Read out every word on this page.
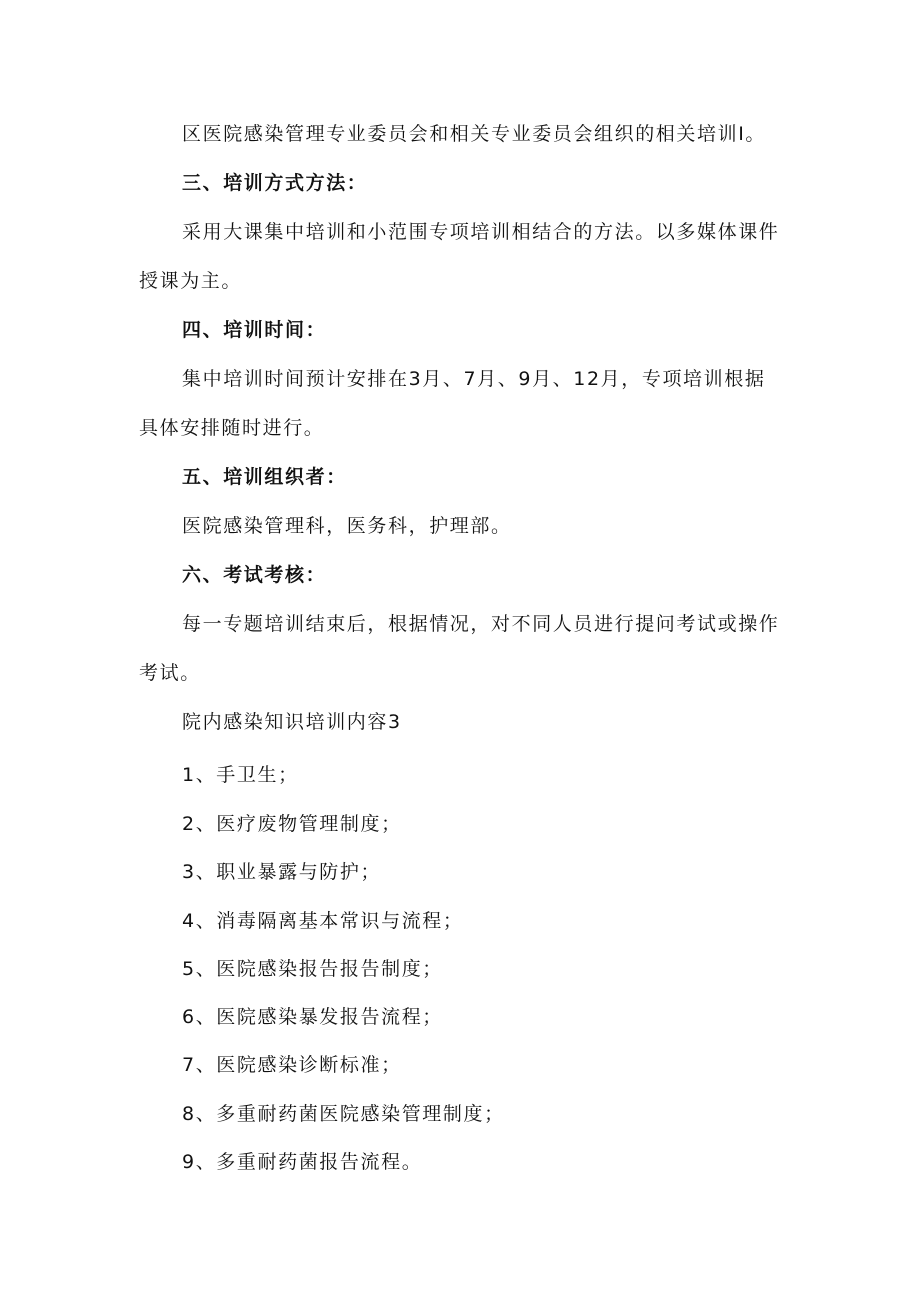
区医院感染管理专业委员会和相关专业委员会组织的相关培训Ⅰ。
三、培训方式方法：
采用大课集中培训和小范围专项培训相结合的方法。以多媒体课件
授课为主。
四、培训时间：
集中培训时间预计安排在3月、7月、9月、12月，专项培训根据
具体安排随时进行。
五、培训组织者：
医院感染管理科，医务科，护理部。
六、考试考核：
每一专题培训结束后，根据情况，对不同人员进行提问考试或操作
考试。
院内感染知识培训内容3
1、手卫生；
2、医疗废物管理制度；
3、职业暴露与防护；
4、消毒隔离基本常识与流程；
5、医院感染报告报告制度；
6、医院感染暴发报告流程；
7、医院感染诊断标准；
8、多重耐药菌医院感染管理制度；
9、多重耐药菌报告流程。
